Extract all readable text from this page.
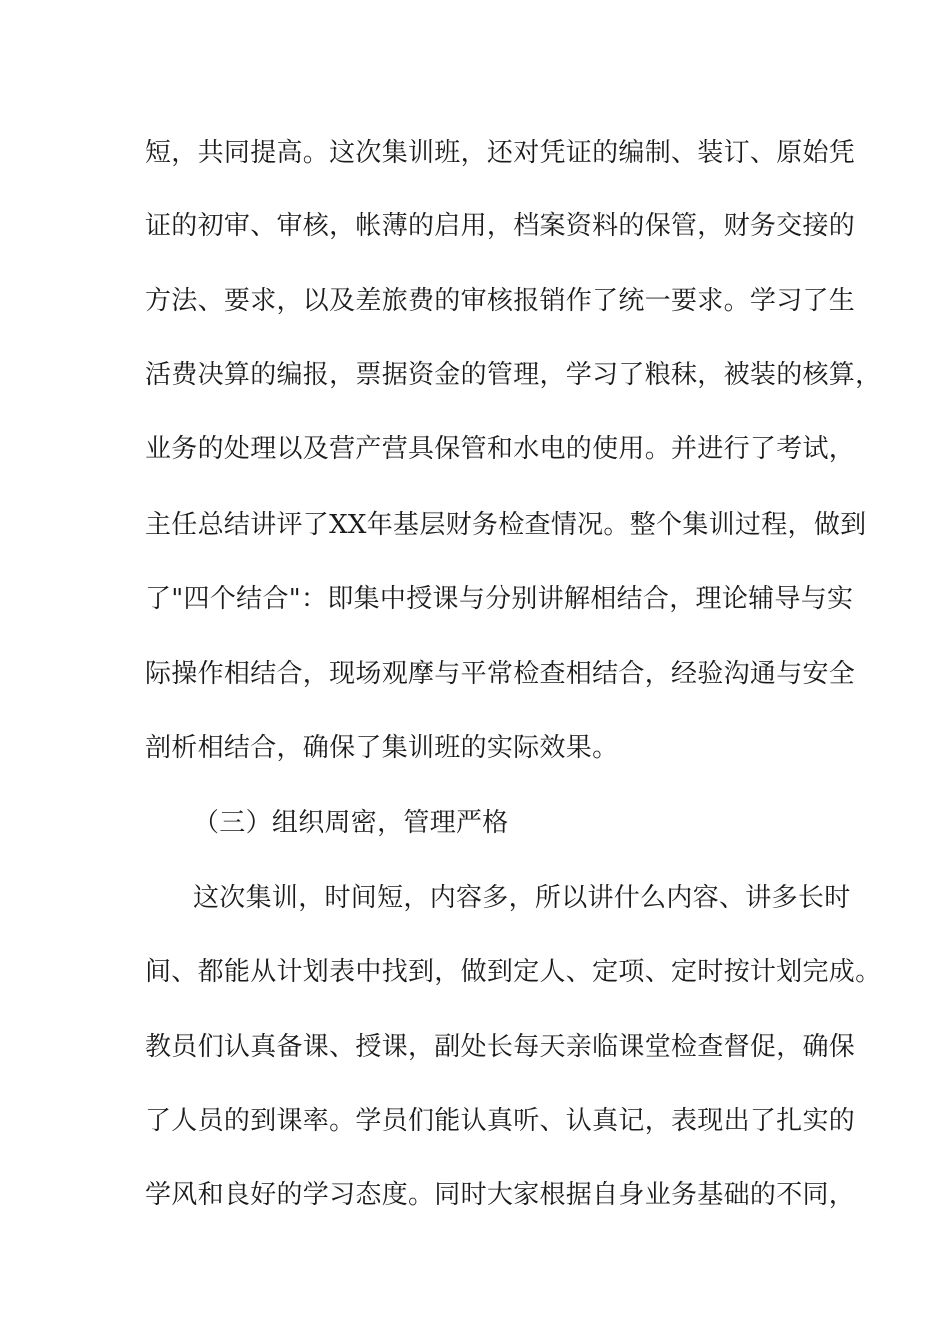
短，共同提高。这次集训班，还对凭证的编制、装订、原始凭
证的初审、审核，帐薄的启用，档案资料的保管，财务交接的
方法、要求，以及差旅费的审核报销作了统一要求。学习了生
活费决算的编报，票据资金的管理，学习了粮秣，被装的核算，
业务的处理以及营产营具保管和水电的使用。并进行了考试，
主任总结讲评了XX年基层财务检查情况。整个集训过程，做到
了"四个结合"：即集中授课与分别讲解相结合，理论辅导与实
际操作相结合，现场观摩与平常检查相结合，经验沟通与安全
剖析相结合，确保了集训班的实际效果。
（三）组织周密，管理严格
这次集训，时间短，内容多，所以讲什么内容、讲多长时
间、都能从计划表中找到，做到定人、定项、定时按计划完成。
教员们认真备课、授课，副处长每天亲临课堂检查督促，确保
了人员的到课率。学员们能认真听、认真记，表现出了扎实的
学风和良好的学习态度。同时大家根据自身业务基础的不同，
